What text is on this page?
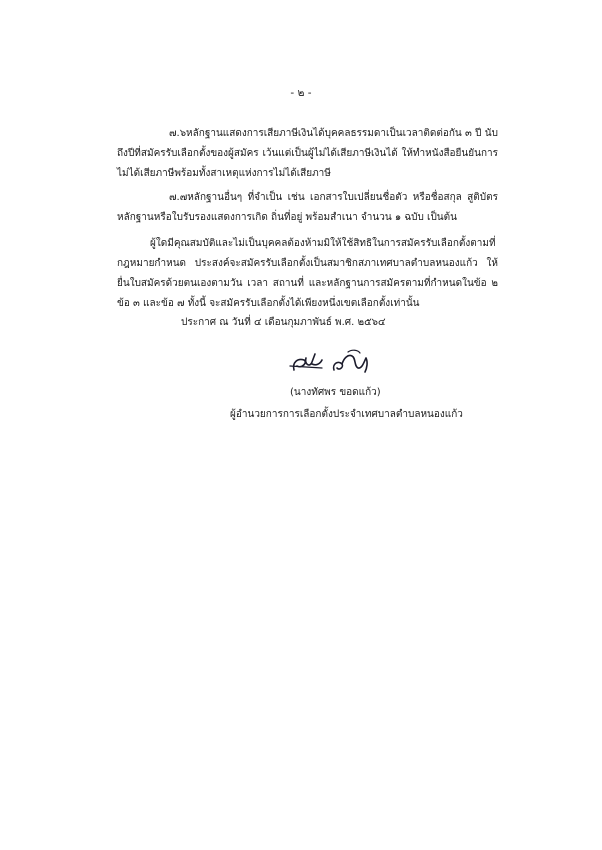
- ๒ -

๗.๖หลักฐานแสดงการเสียภาษีเงินได้บุคคลธรรมดาเป็นเวลาติดต่อกัน ๓ ปี นับถึงปีที่สมัครรับเลือกตั้งของผู้สมัคร เว้นแต่เป็นผู้ไม่ได้เสียภาษีเงินได้ ให้ทำหนังสือยืนยันการไม่ได้เสียภาษีพร้อมทั้งสาเหตุแห่งการไม่ได้เสียภาษี

๗.๗หลักฐานอื่นๆ ที่จำเป็น เช่น เอกสารใบเปลี่ยนชื่อตัว หรือชื่อสกุล สูติบัตร หลักฐานหรือใบรับรองแสดงการเกิด ถิ่นที่อยู่ พร้อมสำเนา จำนวน ๑ ฉบับ เป็นต้น

ผู้ใดมีคุณสมบัติและไม่เป็นบุคคลต้องห้ามมิให้ใช้สิทธิในการสมัครรับเลือกตั้งตามที่กฎหมายกำหนด ประสงค์จะสมัครรับเลือกตั้งเป็นสมาชิกสภาเทศบาลตำบลหนองแก้ว ให้ยื่นใบสมัครด้วยตนเองตามวัน เวลา สถานที่ และหลักฐานการสมัครตามที่กำหนดในข้อ ๒ ข้อ ๓ และข้อ ๗ ทั้งนี้ จะสมัครรับเลือกตั้งได้เพียงหนึ่งเขตเลือกตั้งเท่านั้น

ประกาศ ณ วันที่ ๔ เดือนกุมภาพันธ์ พ.ศ. ๒๕๖๔
(นางทัศพร ขอดแก้ว)
ผู้อำนวยการการเลือกตั้งประจำเทศบาลตำบลหนองแก้ว
